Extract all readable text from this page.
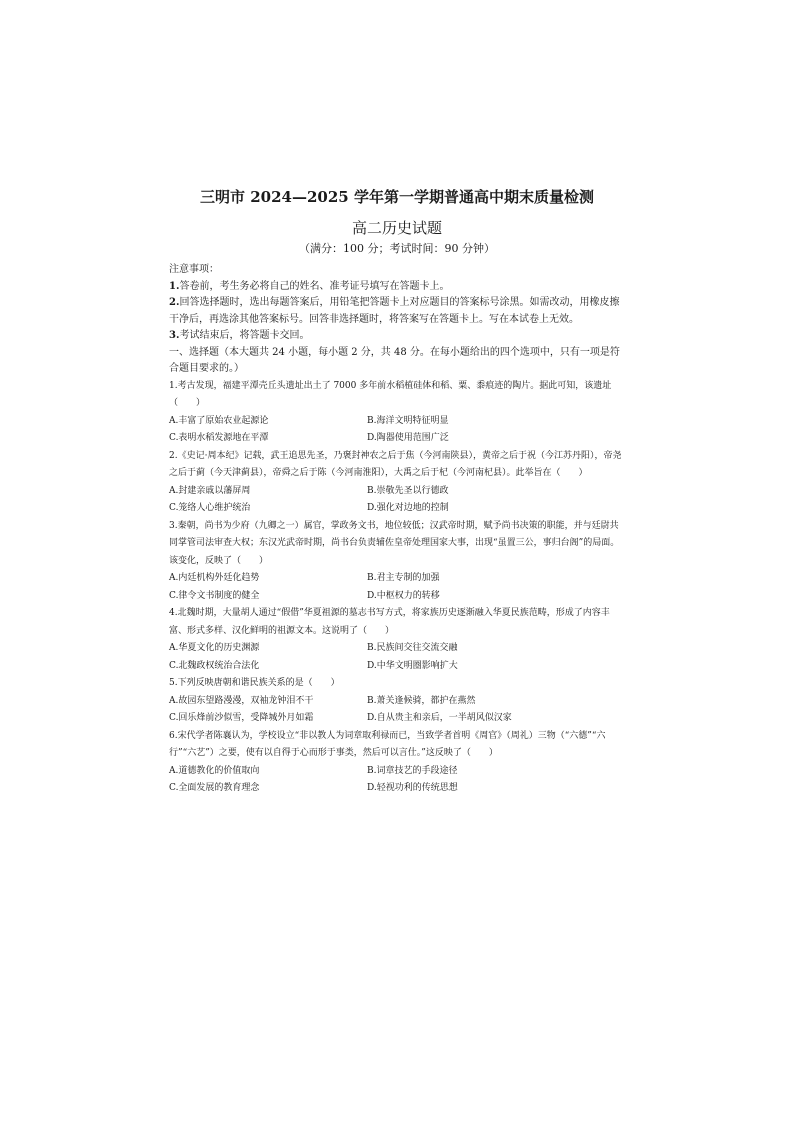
三明市 2024—2025 学年第一学期普通高中期末质量检测
高二历史试题
（满分：100 分；考试时间：90 分钟）

注意事项：

1.答卷前，考生务必将自己的姓名、准考证号填写在答题卡上。

2.回答选择题时，选出每题答案后，用铅笔把答题卡上对应题目的答案标号涂黑。如需改动，用橡皮擦干净后，再选涂其他答案标号。回答非选择题时，将答案写在答题卡上。写在本试卷上无效。

3.考试结束后，将答题卡交回。

一、选择题（本大题共 24 小题，每小题 2 分，共 48 分。在每小题给出的四个选项中，只有一项是符合题目要求的。）

1.考古发现，福建平潭壳丘头遗址出土了 7000 多年前水稻植硅体和稻、粟、黍痕迹的陶片。据此可知，该遗址（　　）

A.丰富了原始农业起源论	B.海洋文明特征明显
C.表明水稻发源地在平潭	D.陶器使用范围广泛

2.《史记·周本纪》记载，武王追思先圣，乃褒封神农之后于焦（今河南陕县），黄帝之后于祝（今江苏丹阳），帝尧之后于蓟（今天津蓟县），帝舜之后于陈（今河南淮阳），大禹之后于杞（今河南杞县）。此举旨在（　　）

A.封建亲戚以藩屏周	B.崇敬先圣以行德政
C.笼络人心维护统治	D.强化对边地的控制

3.秦朝，尚书为少府（九卿之一）属官，掌政务文书，地位较低；汉武帝时期，赋予尚书决策的职能，并与廷尉共同掌管司法审查大权；东汉光武帝时期，尚书台负责辅佐皇帝处理国家大事，出现“虽置三公，事归台阁”的局面。该变化，反映了（　　）

A.内廷机构外廷化趋势	B.君主专制的加强
C.律令文书制度的健全	D.中枢权力的转移

4.北魏时期，大量胡人通过“假借”华夏祖源的墓志书写方式，将家族历史逐渐融入华夏民族范畴，形成了内容丰富、形式多样、汉化鲜明的祖源文本。这说明了（　　）

A.华夏文化的历史渊源	B.民族间交往交流交融
C.北魏政权统治合法化	D.中华文明圈影响扩大

5.下列反映唐朝和谐民族关系的是（　　）

A.故园东望路漫漫，双袖龙钟泪不干	B.萧关逢候骑，都护在燕然
C.回乐烽前沙似雪，受降城外月如霜	D.自从贵主和亲后，一半胡风似汉家

6.宋代学者陈襄认为，学校设立“非以教人为词章取利禄而已，当致学者首明《周官》（周礼）三物（“六德”“六行”“六艺”）之要，使有以自得于心而形于事类，然后可以言仕。”这反映了（　　）

A.道德教化的价值取向	B.词章技艺的手段途径
C.全面发展的教育理念	D.轻视功利的传统思想
